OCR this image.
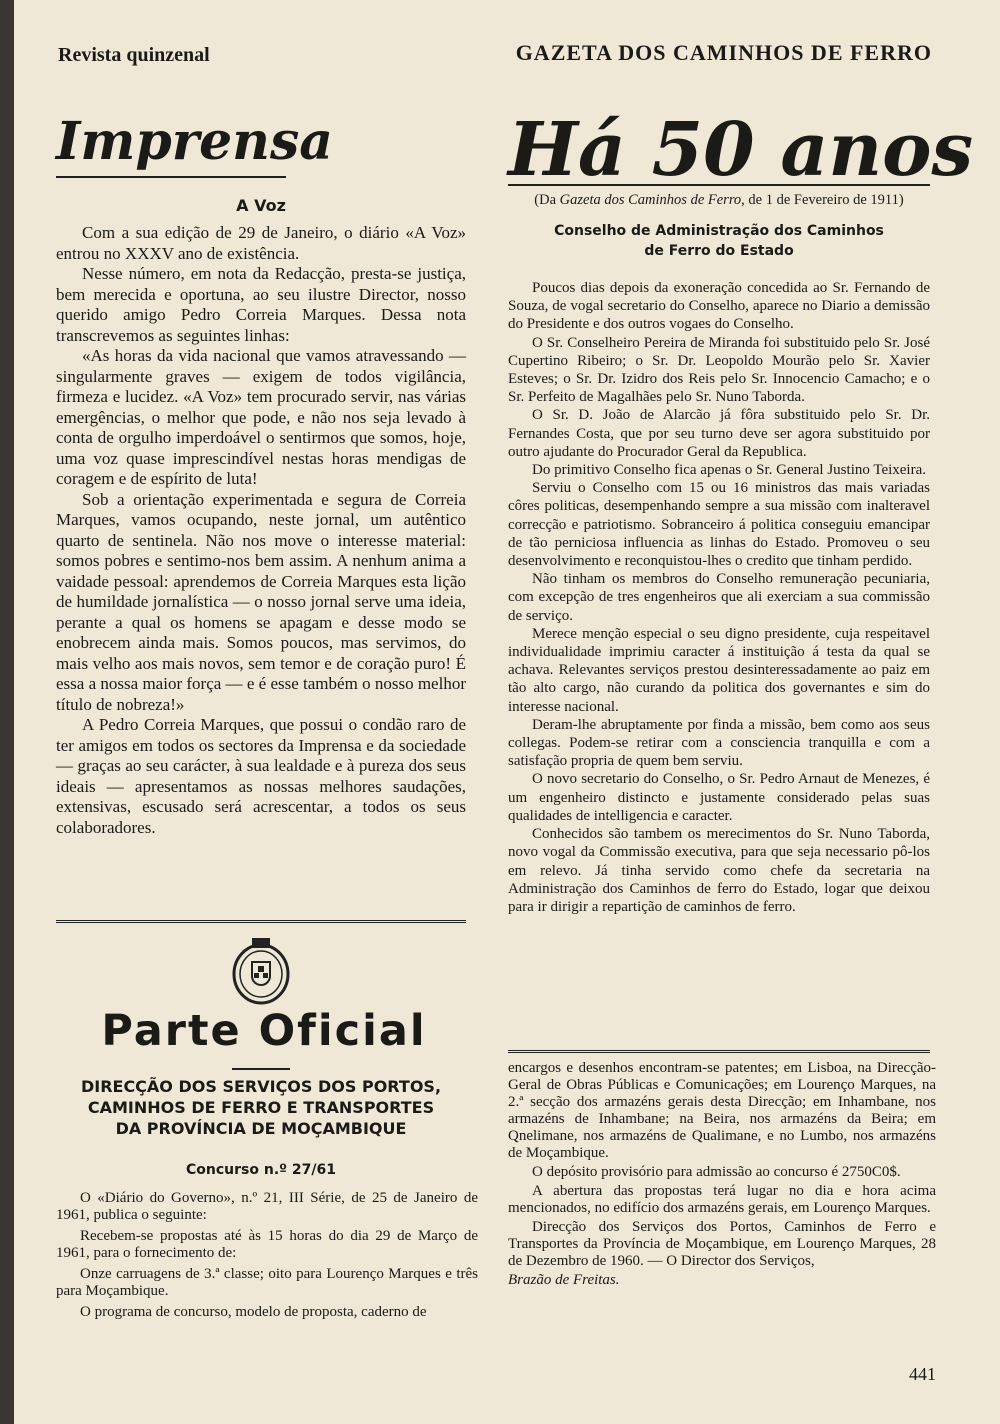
Revista quinzenal	GAZETA DOS CAMINHOS DE FERRO
Imprensa
A Voz

Com a sua edição de 29 de Janeiro, o diário «A Voz» entrou no XXXV ano de existência.

Nesse número, em nota da Redacção, presta-se justiça, bem merecida e oportuna, ao seu ilustre Director, nosso querido amigo Pedro Correia Marques. Dessa nota transcrevemos as seguintes linhas:

«As horas da vida nacional que vamos atravessando — singularmente graves — exigem de todos vigilância, firmeza e lucidez. «A Voz» tem procurado servir, nas várias emergências, o melhor que pode, e não nos seja levado à conta de orgulho imperdoável o sentirmos que somos, hoje, uma voz quase imprescindível nestas horas mendigas de coragem e de espírito de luta!

Sob a orientação experimentada e segura de Correia Marques, vamos ocupando, neste jornal, um autêntico quarto de sentinela. Não nos move o interesse material: somos pobres e sentimo-nos bem assim. A nenhum anima a vaidade pessoal: aprendemos de Correia Marques esta lição de humildade jornalística — o nosso jornal serve uma ideia, perante a qual os homens se apagam e desse modo se enobrecem ainda mais. Somos poucos, mas servimos, do mais velho aos mais novos, sem temor e de coração puro! É essa a nossa maior força — e é esse também o nosso melhor título de nobreza!»

A Pedro Correia Marques, que possui o condão raro de ter amigos em todos os sectores da Imprensa e da sociedade — graças ao seu carácter, à sua lealdade e à pureza dos seus ideais — apresentamos as nossas melhores saudações, extensivas, escusado será acrescentar, a todos os seus colaboradores.

Há 50 anos
(Da Gazeta dos Caminhos de Ferro, de 1 de Fevereiro de 1911)
Conselho de Administração dos Caminhos
de Ferro do Estado

Poucos dias depois da exoneração concedida ao Sr. Fernando de Souza, de vogal secretario do Conselho, aparece no Diario a demissão do Presidente e dos outros vogaes do Conselho.

O Sr. Conselheiro Pereira de Miranda foi substituido pelo Sr. José Cupertino Ribeiro; o Sr. Dr. Leopoldo Mourão pelo Sr. Xavier Esteves; o Sr. Dr. Izidro dos Reis pelo Sr. Innocencio Camacho; e o Sr. Perfeito de Magalhães pelo Sr. Nuno Taborda.

O Sr. D. João de Alarcão já fôra substituido pelo Sr. Dr. Fernandes Costa, que por seu turno deve ser agora substituido por outro ajudante do Procurador Geral da Republica.

Do primitivo Conselho fica apenas o Sr. General Justino Teixeira.

Serviu o Conselho com 15 ou 16 ministros das mais variadas côres politicas, desempenhando sempre a sua missão com inalteravel correcção e patriotismo. Sobranceiro á politica conseguiu emancipar de tão perniciosa influencia as linhas do Estado. Promoveu o seu desenvolvimento e reconquistou-lhes o credito que tinham perdido.

Não tinham os membros do Conselho remuneração pecuniaria, com excepção de tres engenheiros que ali exerciam a sua commissão de serviço.

Merece menção especial o seu digno presidente, cuja respeitavel individualidade imprimiu caracter á instituição á testa da qual se achava. Relevantes serviços prestou desinteressadamente ao paiz em tão alto cargo, não curando da politica dos governantes e sim do interesse nacional.

Deram-lhe abruptamente por finda a missão, bem como aos seus collegas. Podem-se retirar com a consciencia tranquilla e com a satisfação propria de quem bem serviu.

O novo secretario do Conselho, o Sr. Pedro Arnaut de Menezes, é um engenheiro distincto e justamente considerado pelas suas qualidades de intelligencia e caracter.

Conhecidos são tambem os merecimentos do Sr. Nuno Taborda, novo vogal da Commissão executiva, para que seja necessario pô-los em relevo. Já tinha servido como chefe da secretaria na Administração dos Caminhos de ferro do Estado, logar que deixou para ir dirigir a repartição de caminhos de ferro.

Parte Oficial
DIRECÇÃO DOS SERVIÇOS DOS PORTOS,
CAMINHOS DE FERRO E TRANSPORTES
DA PROVÍNCIA DE MOÇAMBIQUE
Concurso n.º 27/61

O «Diário do Governo», n.º 21, III Série, de 25 de Janeiro de 1961, publica o seguinte:

Recebem-se propostas até às 15 horas do dia 29 de Março de 1961, para o fornecimento de:

Onze carruagens de 3.ª classe; oito para Lourenço Marques e três para Moçambique.

O programa de concurso, modelo de proposta, caderno de

encargos e desenhos encontram-se patentes; em Lisboa, na Direcção-Geral de Obras Públicas e Comunicações; em Lourenço Marques, na 2.ª secção dos armazéns gerais desta Direcção; em Inhambane, nos armazéns de Inhambane; na Beira, nos armazéns da Beira; em Qnelimane, nos armazéns de Qualimane, e no Lumbo, nos armazéns de Moçambique.

O depósito provisório para admissão ao concurso é 2750C0$.

A abertura das propostas terá lugar no dia e hora acima mencionados, no edifício dos armazéns gerais, em Lourenço Marques.

Direcção dos Serviços dos Portos, Caminhos de Ferro e Transportes da Província de Moçambique, em Lourenço Marques, 28 de Dezembro de 1960. — O Director dos Serviços,

Brazão de Freitas.

441
